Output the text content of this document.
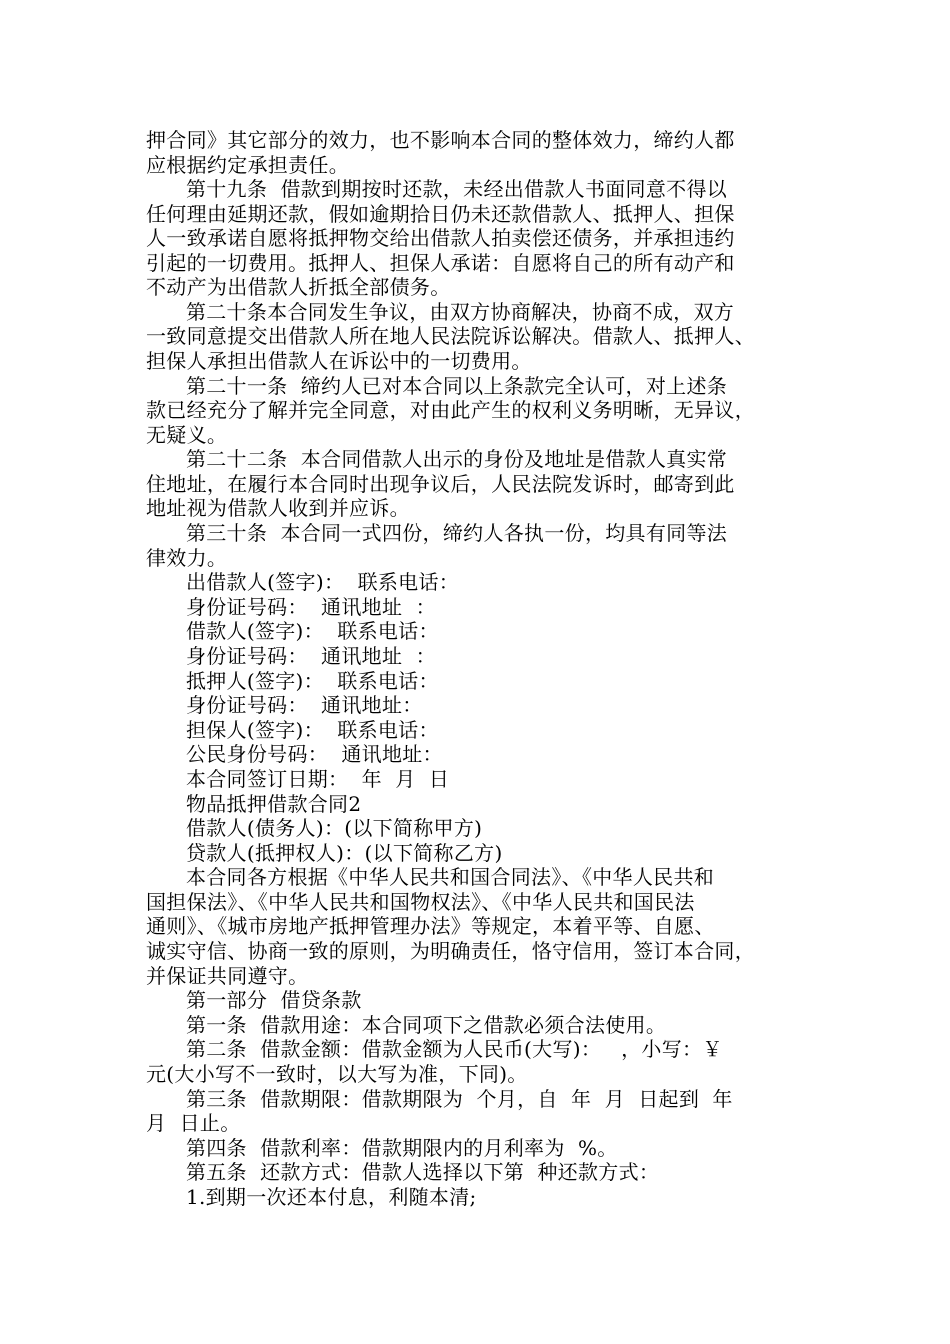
押合同》其它部分的效力，也不影响本合同的整体效力，缔约人都
应根据约定承担责任。
第十九条  借款到期按时还款，未经出借款人书面同意不得以
任何理由延期还款，假如逾期拾日仍未还款借款人、抵押人、担保
人一致承诺自愿将抵押物交给出借款人拍卖偿还债务，并承担违约
引起的一切费用。抵押人、担保人承诺：自愿将自己的所有动产和
不动产为出借款人折抵全部债务。
第二十条本合同发生争议，由双方协商解决，协商不成，双方
一致同意提交出借款人所在地人民法院诉讼解决。借款人、抵押人、
担保人承担出借款人在诉讼中的一切费用。
第二十一条  缔约人已对本合同以上条款完全认可，对上述条
款已经充分了解并完全同意，对由此产生的权利义务明晰，无异议，
无疑义。
第二十二条  本合同借款人出示的身份及地址是借款人真实常
住地址，在履行本合同时出现争议后，人民法院发诉时，邮寄到此
地址视为借款人收到并应诉。
第三十条  本合同一式四份，缔约人各执一份，均具有同等法
律效力。
出借款人(签字)：  联系电话：
身份证号码：  通讯地址  ：
借款人(签字)：  联系电话：
身份证号码：  通讯地址  ：
抵押人(签字)：  联系电话：
身份证号码：  通讯地址：
担保人(签字)：  联系电话：
公民身份号码：  通讯地址：
本合同签订日期：  年  月  日
物品抵押借款合同2
借款人(债务人)：(以下简称甲方)
贷款人(抵押权人)：(以下简称乙方)
本合同各方根据《中华人民共和国合同法》、《中华人民共和
国担保法》、《中华人民共和国物权法》、《中华人民共和国民法
通则》、《城市房地产抵押管理办法》等规定，本着平等、自愿、
诚实守信、协商一致的原则，为明确责任，恪守信用，签订本合同，
并保证共同遵守。
第一部分  借贷条款
第一条  借款用途：本合同项下之借款必须合法使用。
第二条  借款金额：借款金额为人民币(大写)：   ，小写：￥
元(大小写不一致时，以大写为准，下同)。
第三条  借款期限：借款期限为  个月，自  年  月  日起到  年
月  日止。
第四条  借款利率：借款期限内的月利率为  %。
第五条  还款方式：借款人选择以下第  种还款方式：
1.到期一次还本付息，利随本清;
